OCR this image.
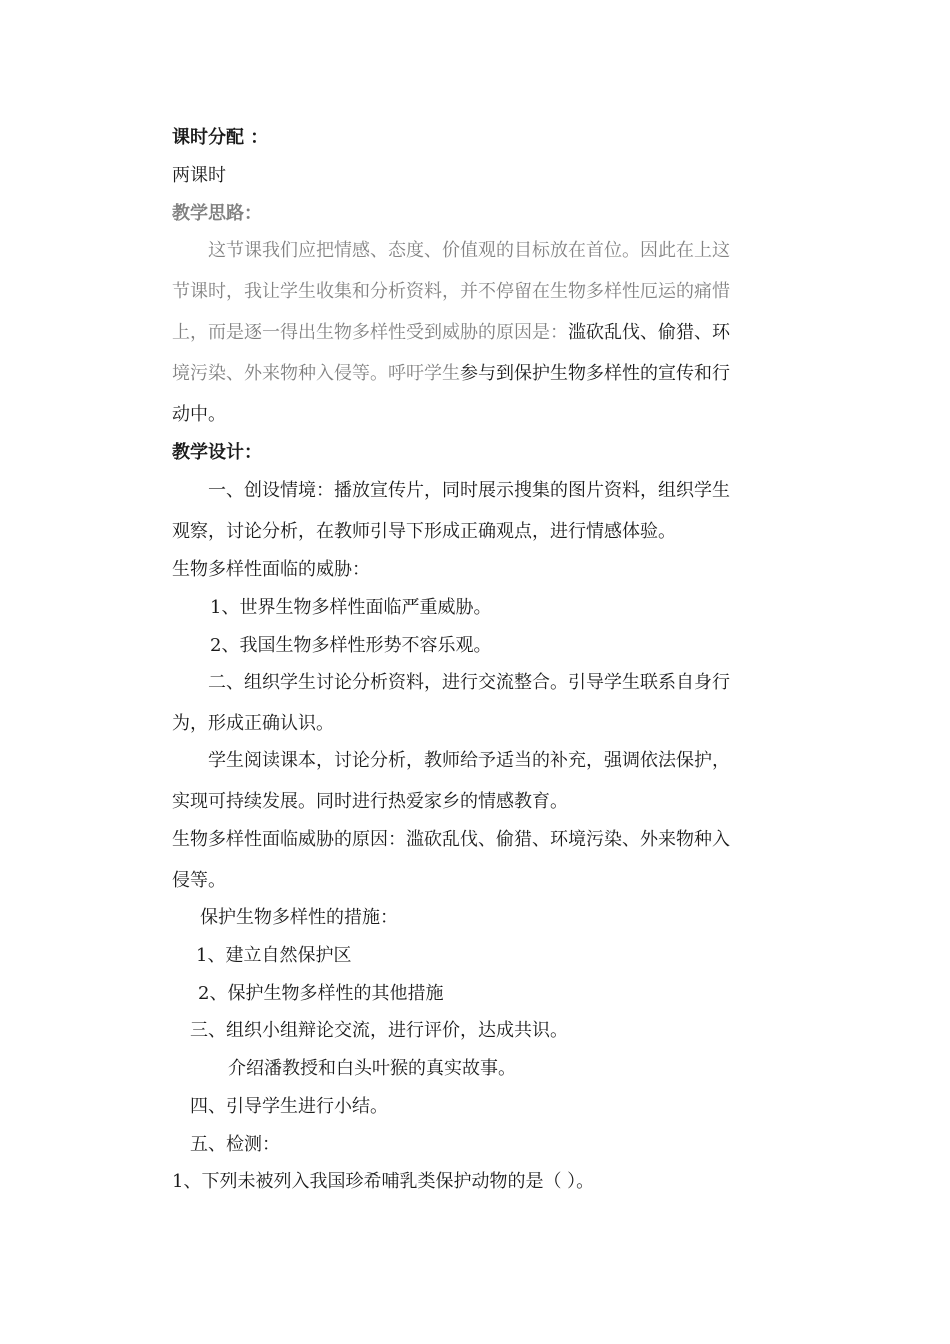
课时分配 ：
两课时
教学思路：
这节课我们应把情感、态度、价值观的目标放在首位。因此在上这
节课时，我让学生收集和分析资料，并不停留在生物多样性厄运的痛惜
上，而是逐一得出生物多样性受到威胁的原因是：滥砍乱伐、偷猎、环
境污染、外来物种入侵等。呼吁学生参与到保护生物多样性的宣传和行
动中。
教学设计：
一、创设情境：播放宣传片，同时展示搜集的图片资料，组织学生
观察，讨论分析，在教师引导下形成正确观点，进行情感体验。
生物多样性面临的威胁：
1、世界生物多样性面临严重威胁。
2、我国生物多样性形势不容乐观。
二、组织学生讨论分析资料，进行交流整合。引导学生联系自身行
为，形成正确认识。
学生阅读课本，讨论分析，教师给予适当的补充，强调依法保护，
实现可持续发展。同时进行热爱家乡的情感教育。
生物多样性面临威胁的原因：滥砍乱伐、偷猎、环境污染、外来物种入
侵等。
保护生物多样性的措施：
1、建立自然保护区
2、保护生物多样性的其他措施
三、组织小组辩论交流，进行评价，达成共识。
介绍潘教授和白头叶猴的真实故事。
四、引导学生进行小结。
五、检测：
1、下列未被列入我国珍希哺乳类保护动物的是（ ）。
